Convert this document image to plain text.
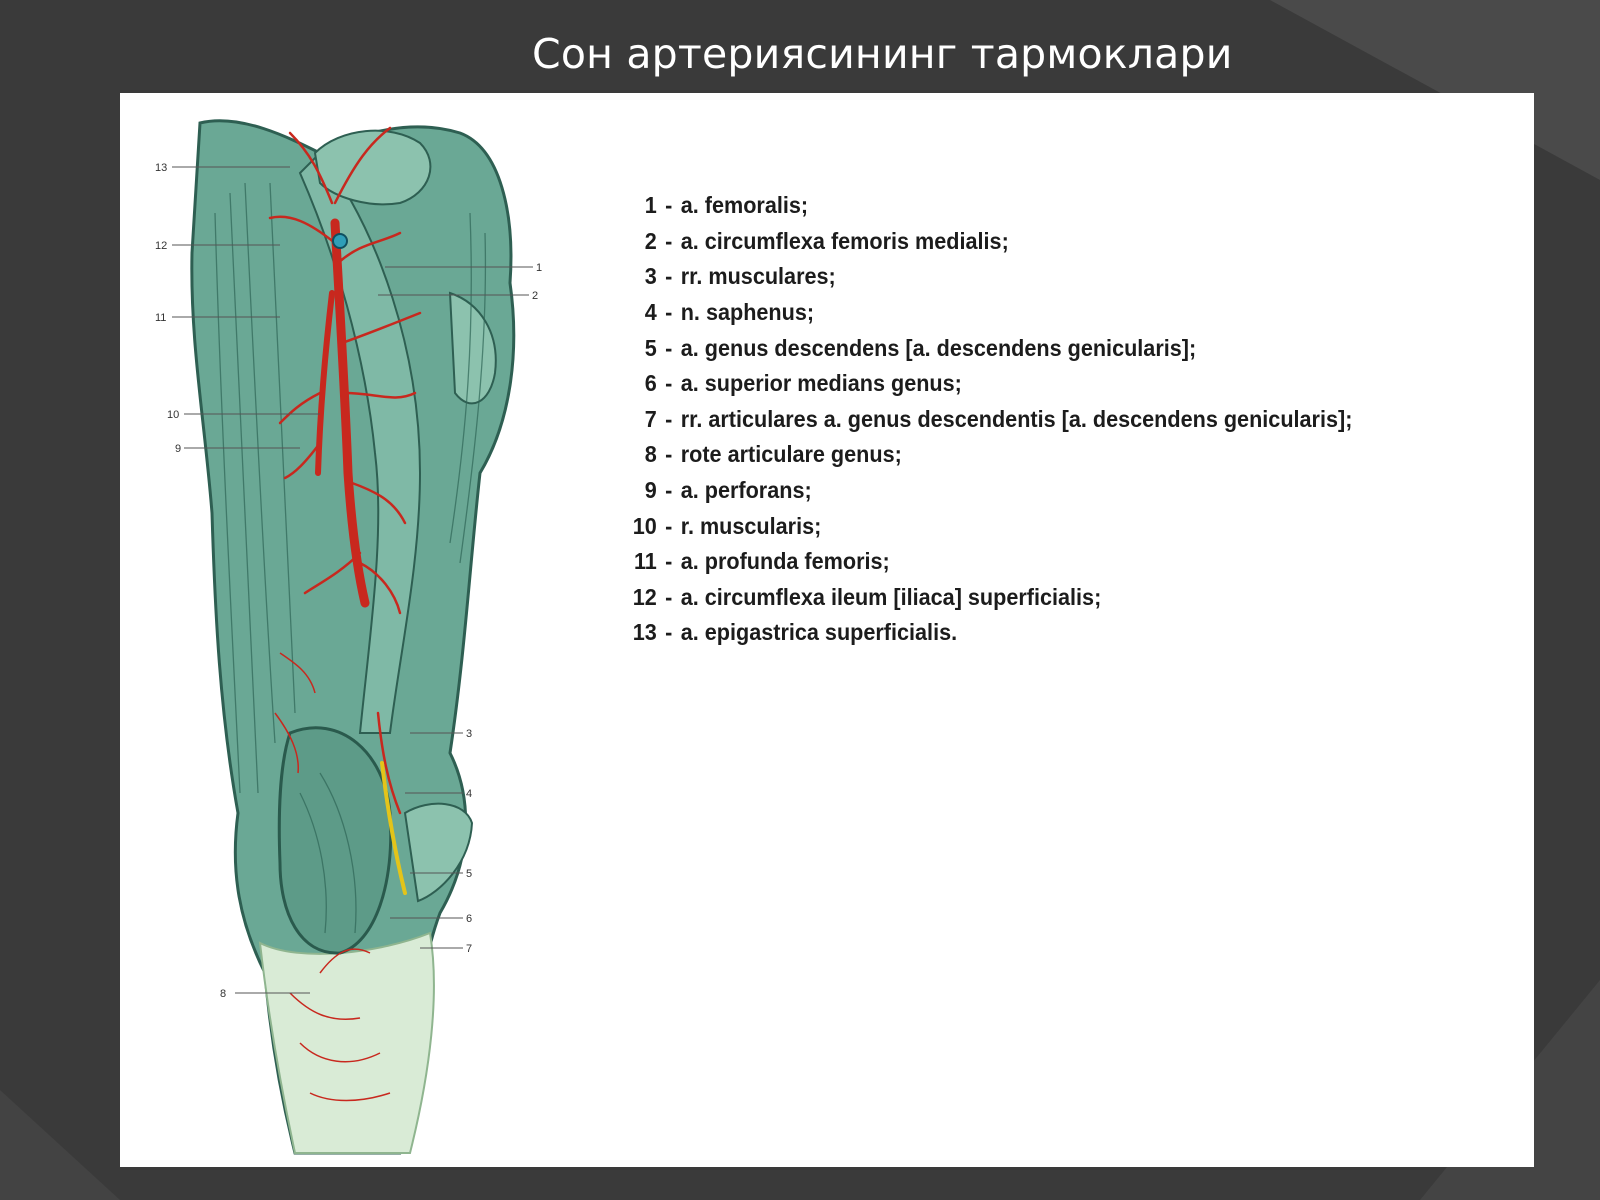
Сон артериясининг тармоклари
13
12
11
10
9
1
2
3
4
5
6
7
8
1 - a. femoralis;
2 - a. circumflexa femoris medialis;
3 - rr. musculares;
4 - n. saphenus;
5 - a. genus descendens [a. descendens genicularis];
6 - a. superior medians genus;
7 - rr. articulares a. genus descendentis [a. descendens genicularis];
8 - rote articulare genus;
9 - a. perforans;
10 - r. muscularis;
11 - a. profunda femoris;
12 - a. circumflexa ileum [iliaca] superficialis;
13 - a. epigastrica superficialis.
